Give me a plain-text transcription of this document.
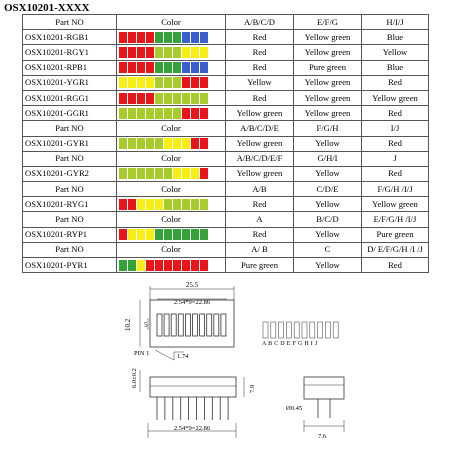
OSX10201-XXXX
Part NO	Color	A/B/C/D	E/F/G	H/I/J
OSX10201-RGB1		Red	Yellow green	Blue
OSX10201-RGY1		Red	Yellow green	Yellow
OSX10201-RPB1		Red	Pure green	Blue
OSX10201-YGR1		Yellow	Yellow green	Red
OSX10201-RGG1		Red	Yellow green	Yellow green
OSX10201-GGR1		Yellow green	Yellow green	Red
Part NO	Color	A/B/C/D/E	F/G/H	I/J
OSX10201-GYR1		Yellow green	Yellow	Red
Part NO	Color	A/B/C/D/E/F	G/H/I	J
OSX10201-GYR2		Yellow green	Yellow	Red
Part NO	Color	A/B	C/D/E	F/G/H /I/J
OSX10201-RYG1		Red	Yellow	Yellow green
Part NO	Color	A	B/C/D	E/F/G/H /I/J
OSX10201-RYP1		Red	Yellow	Pure green
Part NO	Color	A/ B	C	D/ E/F/G/H /I /J
OSX10201-PYR1		Pure green	Yellow	Red
25.5
2.54*9=22.86
10.2 5
PIN 1	1.74
A B C D E F G H I J
6.0±0.2
7.9
2.54*9=22.86
Ø0.45
7.6
